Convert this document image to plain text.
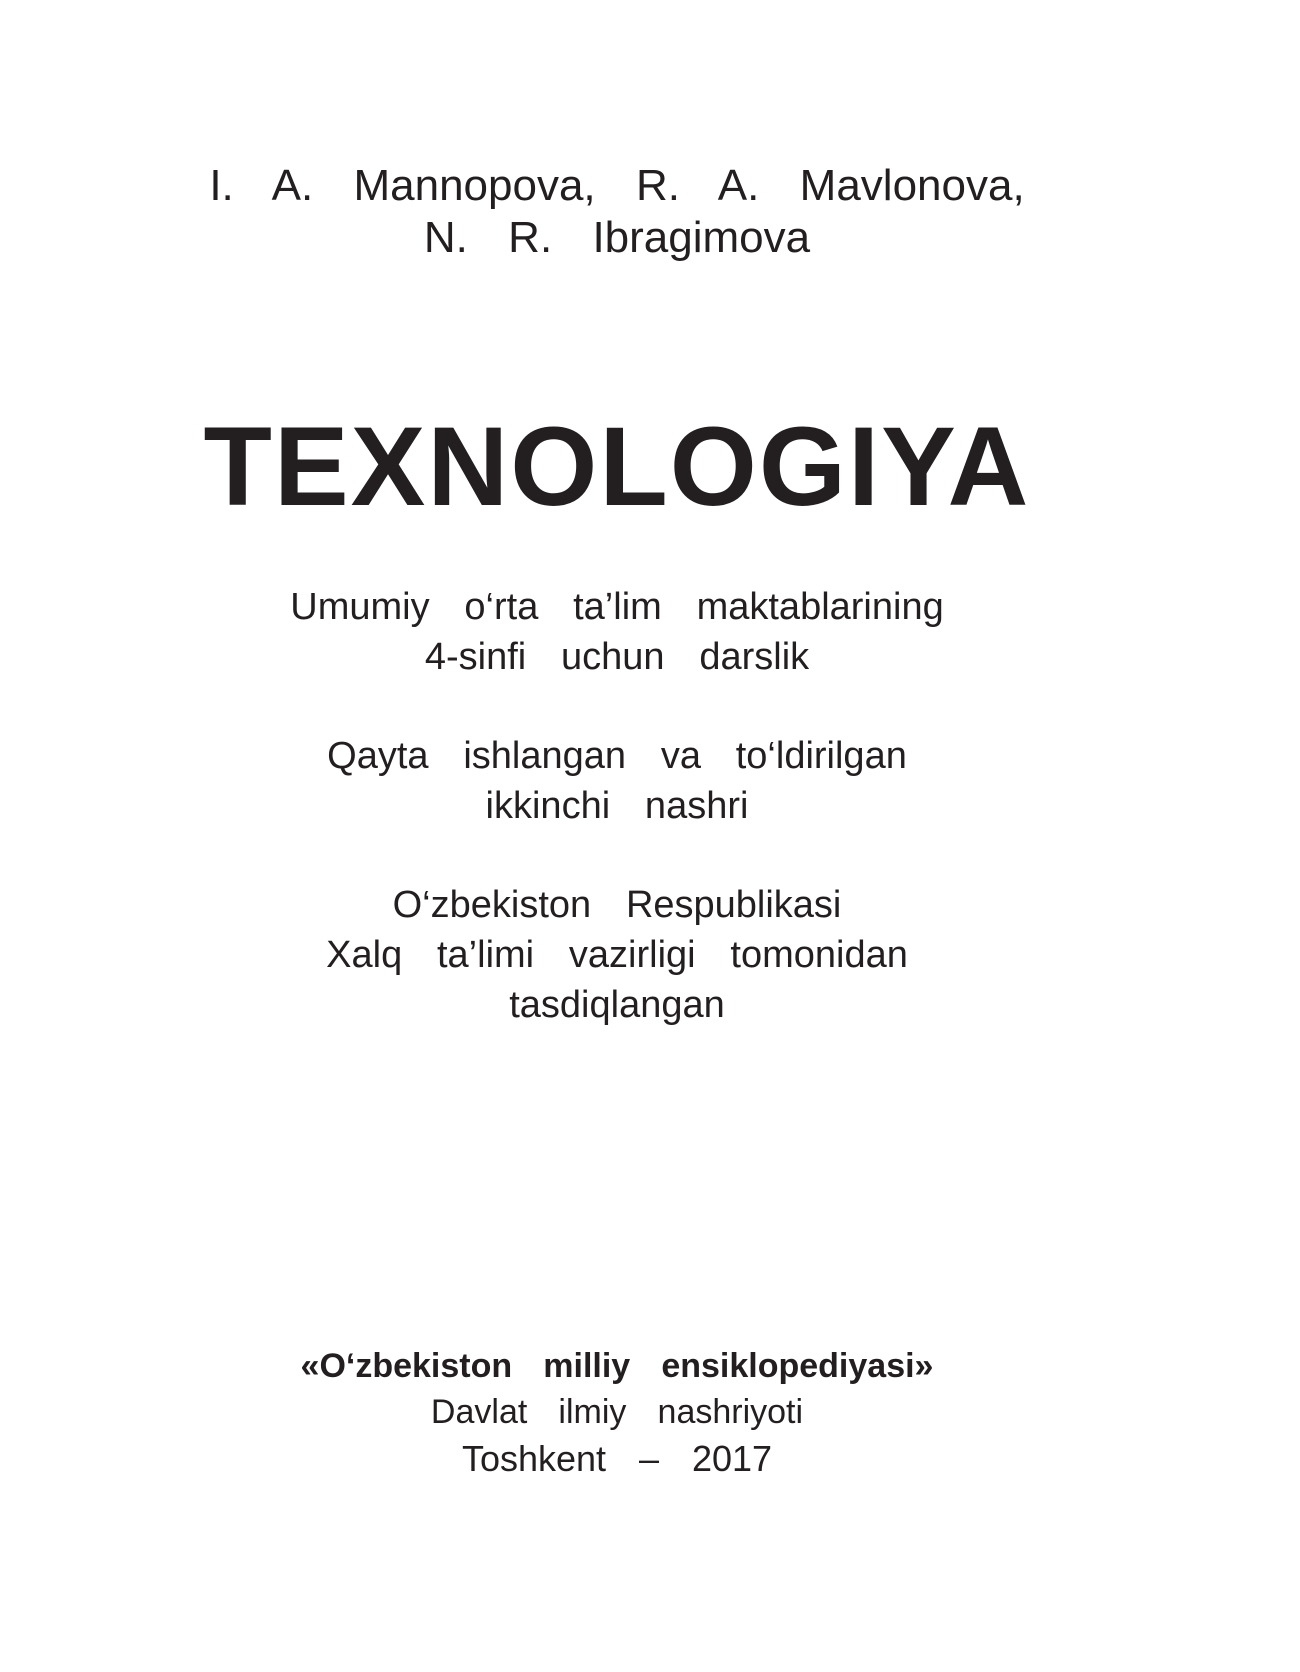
I.  A.  Mannopova,  R.  A.  Mavlonova,
N.  R.  Ibragimova
TEXNOLOGIYA
Umumiy  o‘rta  ta’lim  maktablarining
4-sinfi  uchun  darslik
Qayta  ishlangan  va  to‘ldirilgan
ikkinchi  nashri
O‘zbekiston  Respublikasi
Xalq  ta’limi  vazirligi  tomonidan
tasdiqlangan
«O‘zbekiston  milliy  ensiklopediyasi»
Davlat  ilmiy  nashriyoti
Toshkent  –  2017
